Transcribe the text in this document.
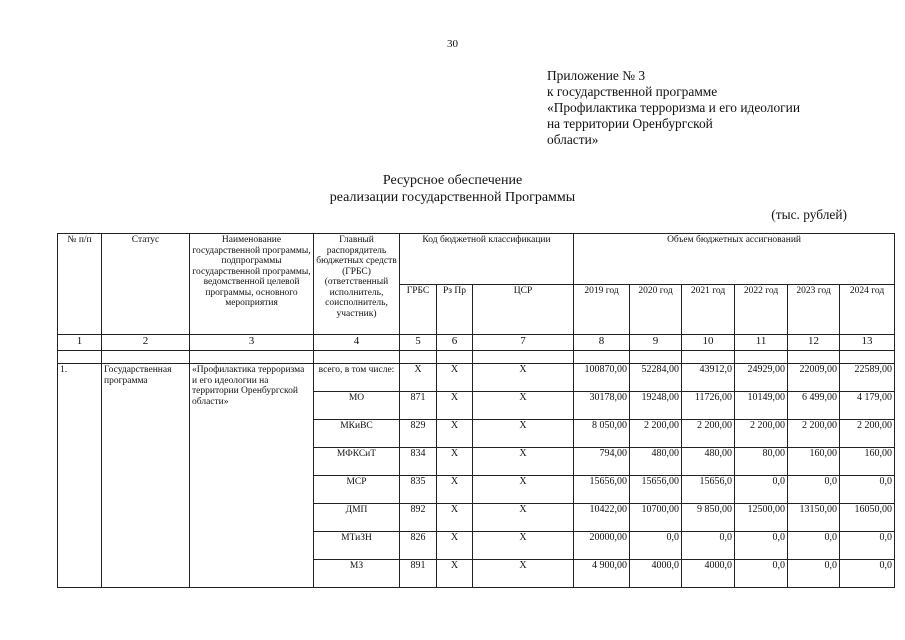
30
Приложение № 3
к государственной программе
«Профилактика терроризма и его идеологии
на территории Оренбургской
области»
Ресурсное обеспечение
реализации государственной Программы
(тыс. рублей)
№ п/п	Статус	Наименование государственной программы, подпрограммы государственной программы, ведомственной целевой программы, основного мероприятия	Главный распорядитель бюджетных средств (ГРБС) (ответственный исполнитель, соисполнитель, участник)	Код бюджетной классификации			Объем бюджетных ассигнований					
				ГРБС	Рз Пр	ЦСР	2019 год	2020 год	2021 год	2022 год	2023 год	2024 год
1	2	3	4	5	6	7	8	9	10	11	12	13

1.	Государственная программа	«Профилактика терроризма и его идеологии на территории Оренбургской области»	всего, в том числе:	X	X	X	100870,00	52284,00	43912,0	24929,00	22009,00	22589,00
			МО	871	X	X	30178,00	19248,00	11726,00	10149,00	6 499,00	4 179,00
			МКиВС	829	X	X	8 050,00	2 200,00	2 200,00	2 200,00	2 200,00	2 200,00
			МФКСиТ	834	X	X	794,00	480,00	480,00	80,00	160,00	160,00
			МСР	835	X	X	15656,00	15656,00	15656,0	0,0	0,0	0,0
			ДМП	892	X	X	10422,00	10700,00	9 850,00	12500,00	13150,00	16050,00
			МТиЗН	826	X	X	20000,00	0,0	0,0	0,0	0,0	0,0
			МЗ	891	X	X	4 900,00	4000,0	4000,0	0,0	0,0	0,0
